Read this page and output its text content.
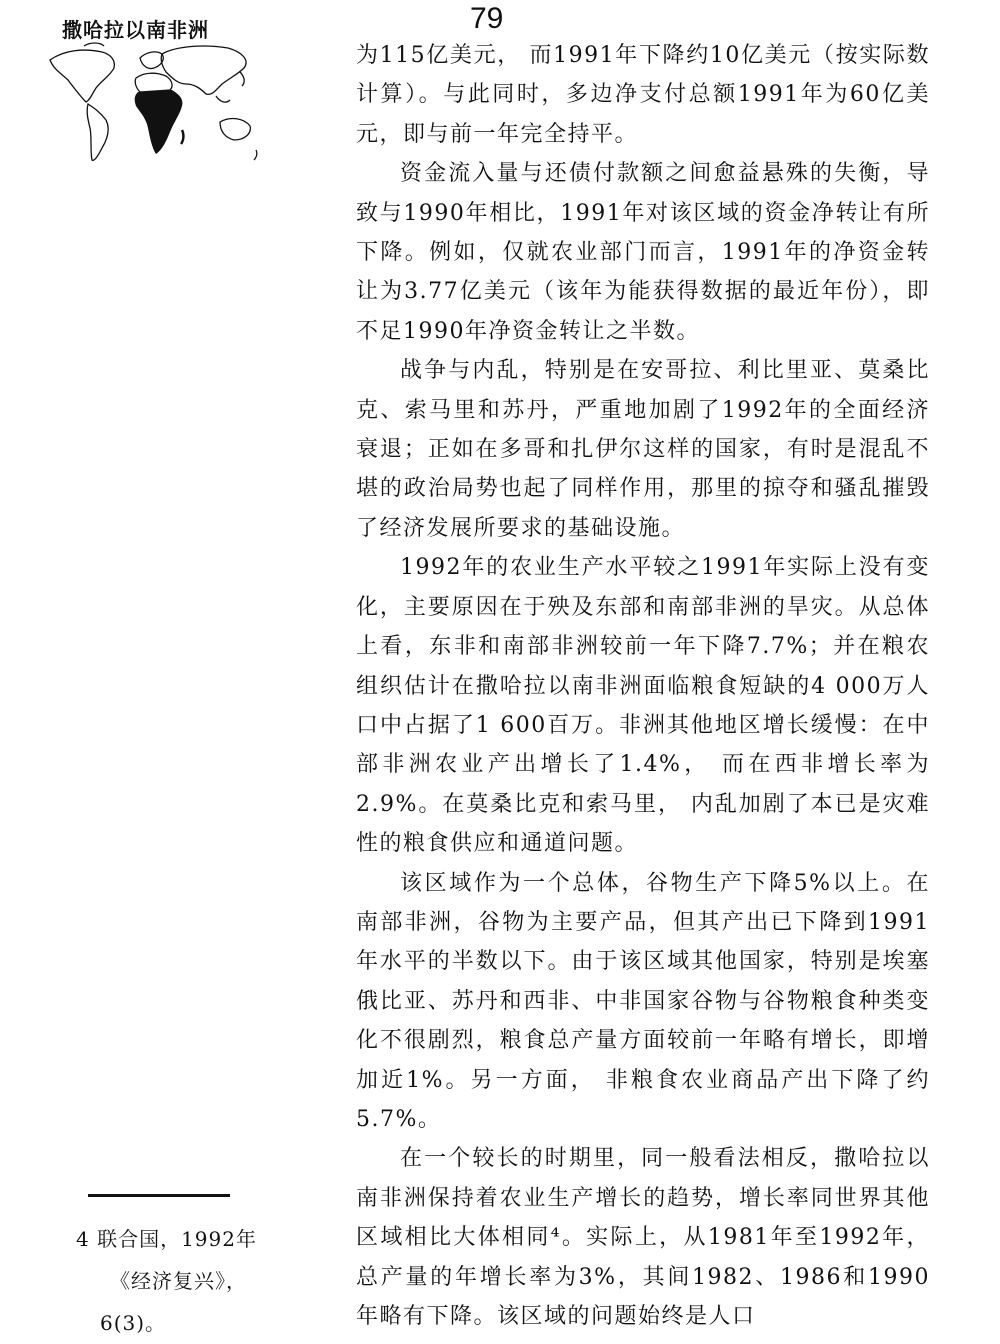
79
撒哈拉以南非洲

为115亿美元， 而1991年下降约10亿美元（按实际数计算）。与此同时，多边净支付总额1991年为60亿美元，即与前一年完全持平。

资金流入量与还债付款额之间愈益悬殊的失衡，导致与1990年相比，1991年对该区域的资金净转让有所下降。例如，仅就农业部门而言，1991年的净资金转让为3.77亿美元（该年为能获得数据的最近年份），即不足1990年净资金转让之半数。

战争与内乱，特别是在安哥拉、利比里亚、莫桑比克、索马里和苏丹，严重地加剧了1992年的全面经济衰退；正如在多哥和扎伊尔这样的国家，有时是混乱不堪的政治局势也起了同样作用，那里的掠夺和骚乱摧毁了经济发展所要求的基础设施。

1992年的农业生产水平较之1991年实际上没有变化，主要原因在于殃及东部和南部非洲的旱灾。从总体上看，东非和南部非洲较前一年下降7.7%；并在粮农组织估计在撒哈拉以南非洲面临粮食短缺的4 000万人口中占据了1 600百万。非洲其他地区增长缓慢：在中部非洲农业产出增长了1.4%， 而在西非增长率为2.9%。在莫桑比克和索马里， 内乱加剧了本已是灾难性的粮食供应和通道问题。

该区域作为一个总体，谷物生产下降5%以上。在南部非洲，谷物为主要产品，但其产出已下降到1991年水平的半数以下。由于该区域其他国家，特别是埃塞俄比亚、苏丹和西非、中非国家谷物与谷物粮食种类变化不很剧烈，粮食总产量方面较前一年略有增长，即增加近1%。另一方面， 非粮食农业商品产出下降了约5.7%。

在一个较长的时期里，同一般看法相反，撒哈拉以南非洲保持着农业生产增长的趋势，增长率同世界其他区域相比大体相同⁴。实际上，从1981年至1992年，总产量的年增长率为3%，其间1982、1986和1990年略有下降。该区域的问题始终是人口

4 联合国，1992年
《经济复兴》，
6(3)。
